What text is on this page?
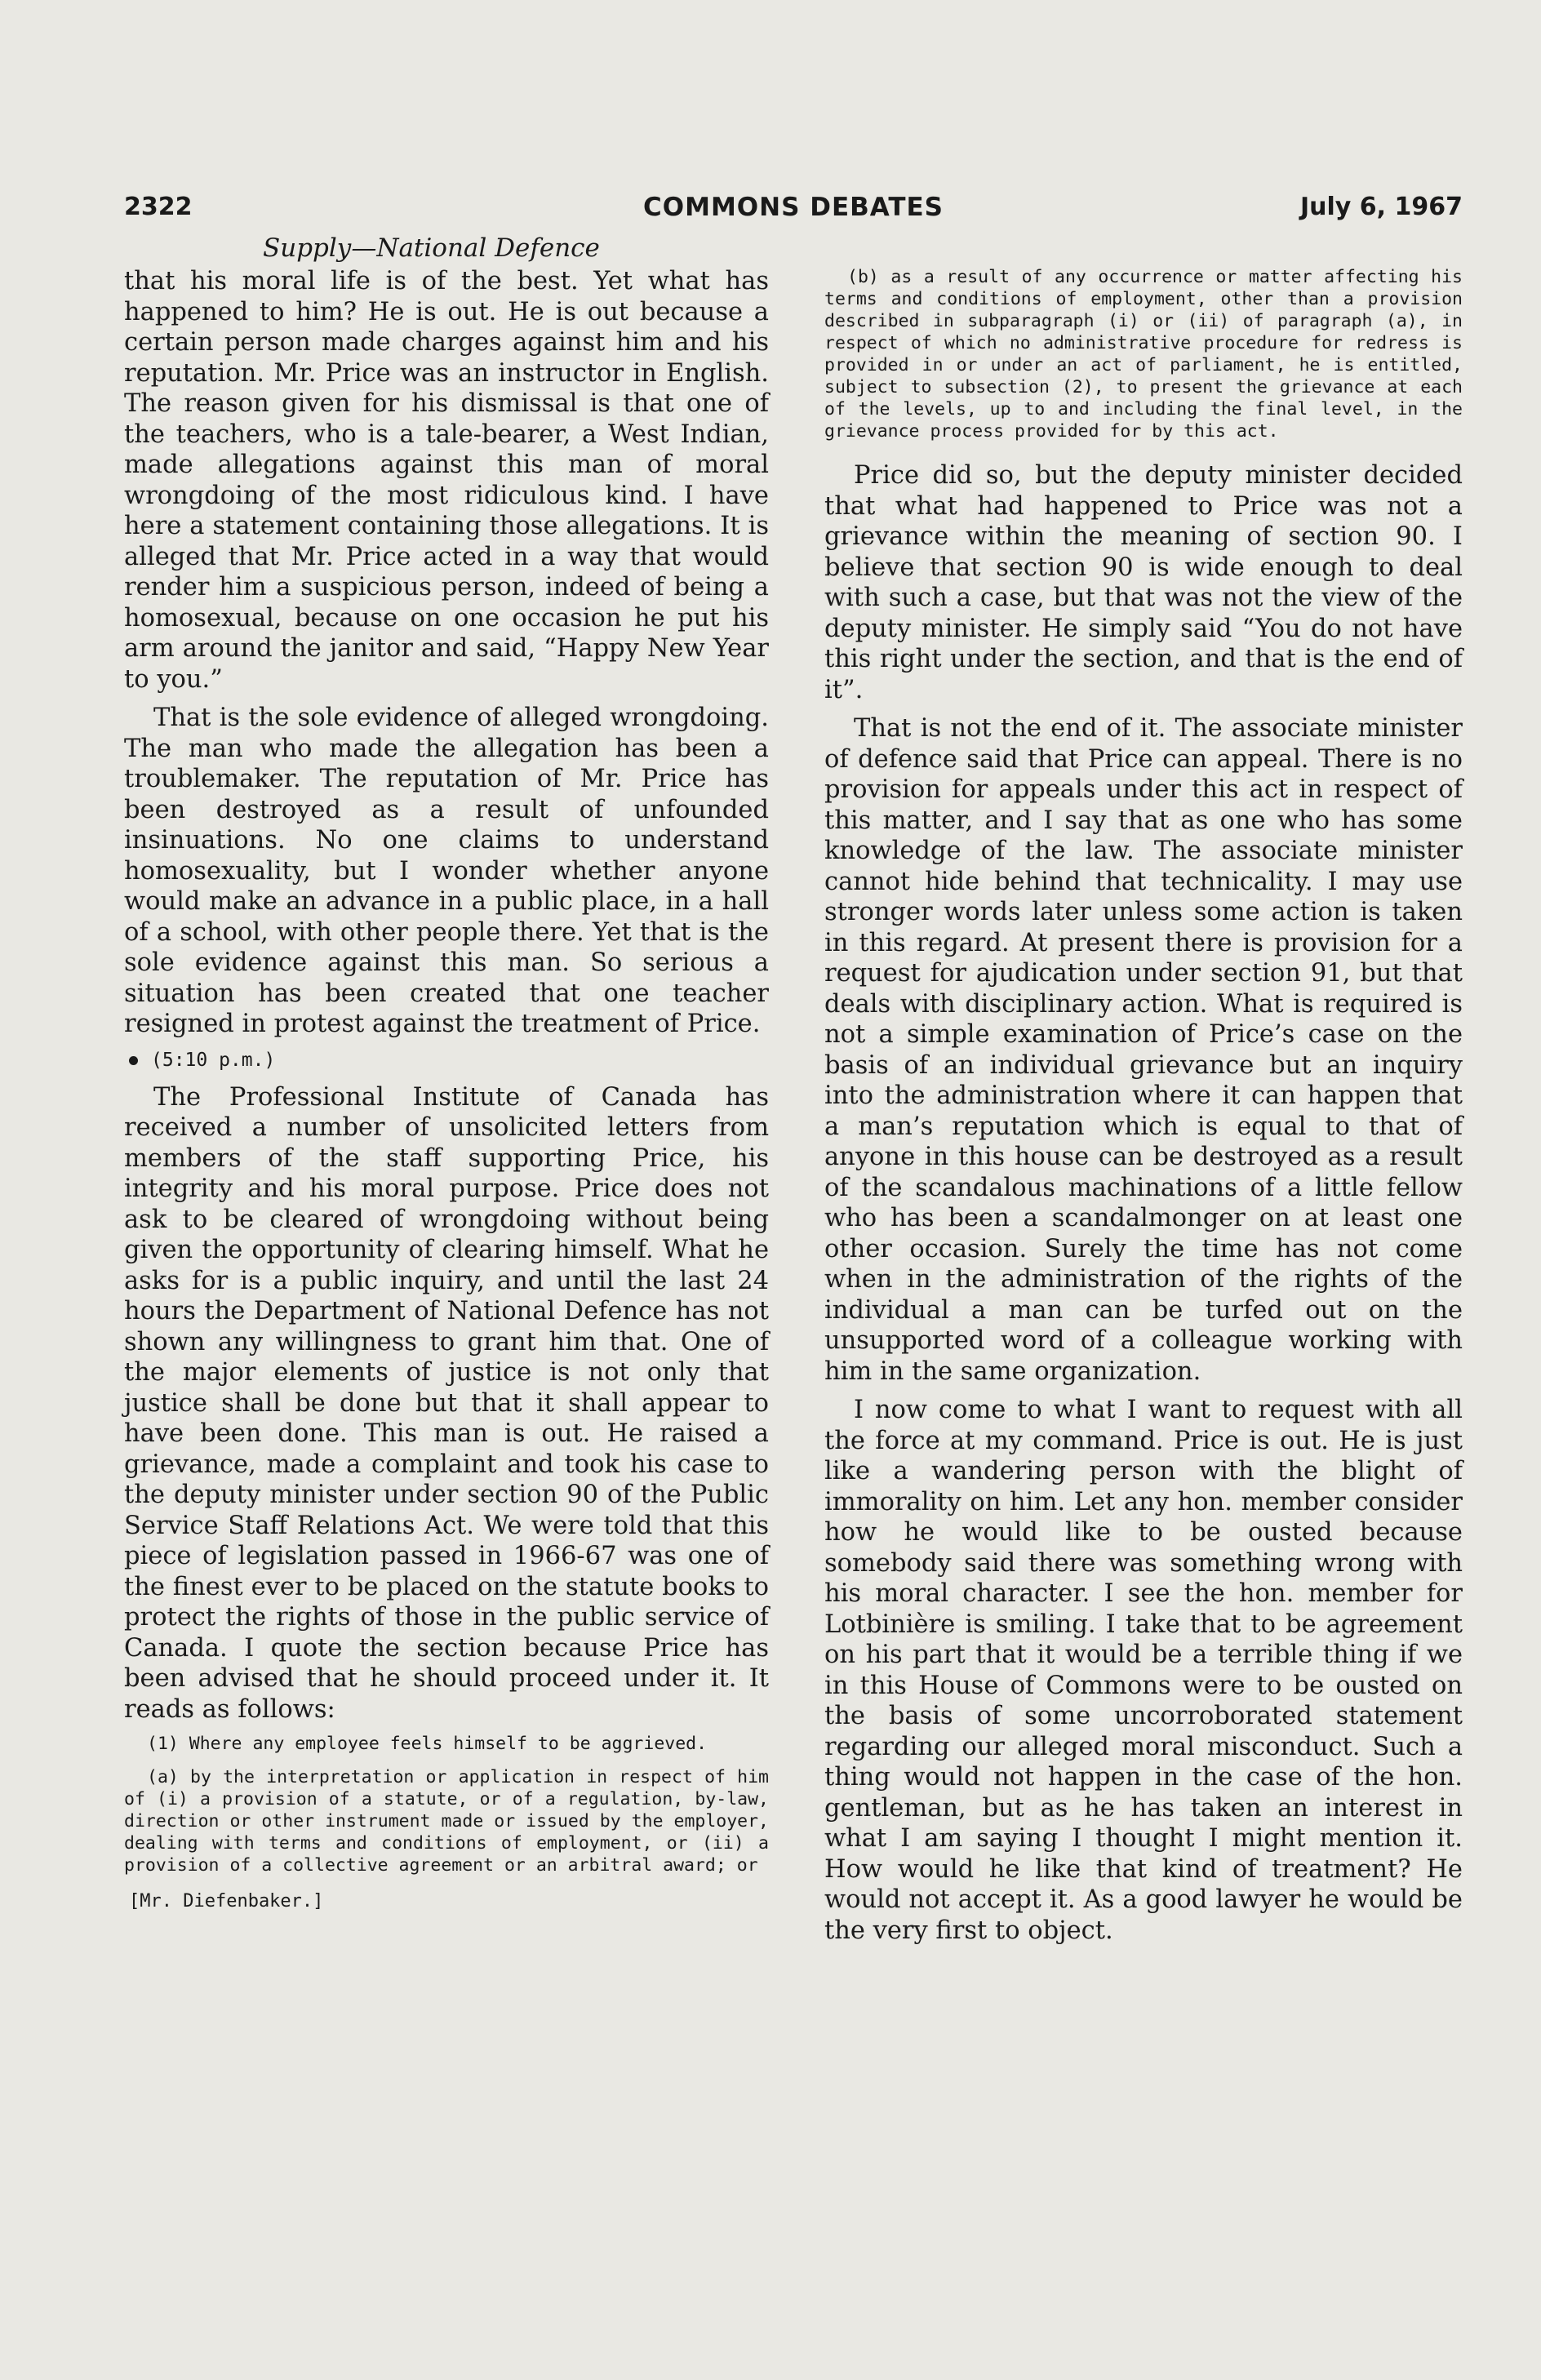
2322	COMMONS DEBATES	July 6, 1967
Supply—National Defence

that his moral life is of the best. Yet what has happened to him? He is out. He is out because a certain person made charges against him and his reputation. Mr. Price was an instructor in English. The reason given for his dismissal is that one of the teachers, who is a tale-bearer, a West Indian, made allegations against this man of moral wrongdoing of the most ridiculous kind. I have here a statement containing those allegations. It is alleged that Mr. Price acted in a way that would render him a suspicious person, indeed of being a homosexual, because on one occasion he put his arm around the janitor and said, “Happy New Year to you.”

That is the sole evidence of alleged wrongdoing. The man who made the allegation has been a troublemaker. The reputation of Mr. Price has been destroyed as a result of unfounded insinuations. No one claims to understand homosexuality, but I wonder whether anyone would make an advance in a public place, in a hall of a school, with other people there. Yet that is the sole evidence against this man. So serious a situation has been created that one teacher resigned in protest against the treatment of Price.

(5:10 p.m.)

The Professional Institute of Canada has received a number of unsolicited letters from members of the staff supporting Price, his integrity and his moral purpose. Price does not ask to be cleared of wrongdoing without being given the opportunity of clearing himself. What he asks for is a public inquiry, and until the last 24 hours the Department of National Defence has not shown any willingness to grant him that. One of the major elements of justice is not only that justice shall be done but that it shall appear to have been done. This man is out. He raised a grievance, made a complaint and took his case to the deputy minister under section 90 of the Public Service Staff Relations Act. We were told that this piece of legislation passed in 1966-67 was one of the finest ever to be placed on the statute books to protect the rights of those in the public service of Canada. I quote the section because Price has been advised that he should proceed under it. It reads as follows:

(1) Where any employee feels himself to be aggrieved.

(a) by the interpretation or application in respect of him of (i) a provision of a statute, or of a regulation, by-law, direction or other instrument made or issued by the employer, dealing with terms and conditions of employment, or (ii) a provision of a collective agreement or an arbitral award; or

[Mr. Diefenbaker.]

(b) as a result of any occurrence or matter affecting his terms and conditions of employment, other than a provision described in subparagraph (i) or (ii) of paragraph (a), in respect of which no administrative procedure for redress is provided in or under an act of parliament, he is entitled, subject to subsection (2), to present the grievance at each of the levels, up to and including the final level, in the grievance process provided for by this act.

Price did so, but the deputy minister decided that what had happened to Price was not a grievance within the meaning of section 90. I believe that section 90 is wide enough to deal with such a case, but that was not the view of the deputy minister. He simply said “You do not have this right under the section, and that is the end of it”.

That is not the end of it. The associate minister of defence said that Price can appeal. There is no provision for appeals under this act in respect of this matter, and I say that as one who has some knowledge of the law. The associate minister cannot hide behind that technicality. I may use stronger words later unless some action is taken in this regard. At present there is provision for a request for ajudication under section 91, but that deals with disciplinary action. What is required is not a simple examination of Price’s case on the basis of an individual grievance but an inquiry into the administration where it can happen that a man’s reputation which is equal to that of anyone in this house can be destroyed as a result of the scandalous machinations of a little fellow who has been a scandalmonger on at least one other occasion. Surely the time has not come when in the administration of the rights of the individual a man can be turfed out on the unsupported word of a colleague working with him in the same organization.

I now come to what I want to request with all the force at my command. Price is out. He is just like a wandering person with the blight of immorality on him. Let any hon. member consider how he would like to be ousted because somebody said there was something wrong with his moral character. I see the hon. member for Lotbinière is smiling. I take that to be agreement on his part that it would be a terrible thing if we in this House of Commons were to be ousted on the basis of some uncorroborated statement regarding our alleged moral misconduct. Such a thing would not happen in the case of the hon. gentleman, but as he has taken an interest in what I am saying I thought I might mention it. How would he like that kind of treatment? He would not accept it. As a good lawyer he would be the very first to object.
